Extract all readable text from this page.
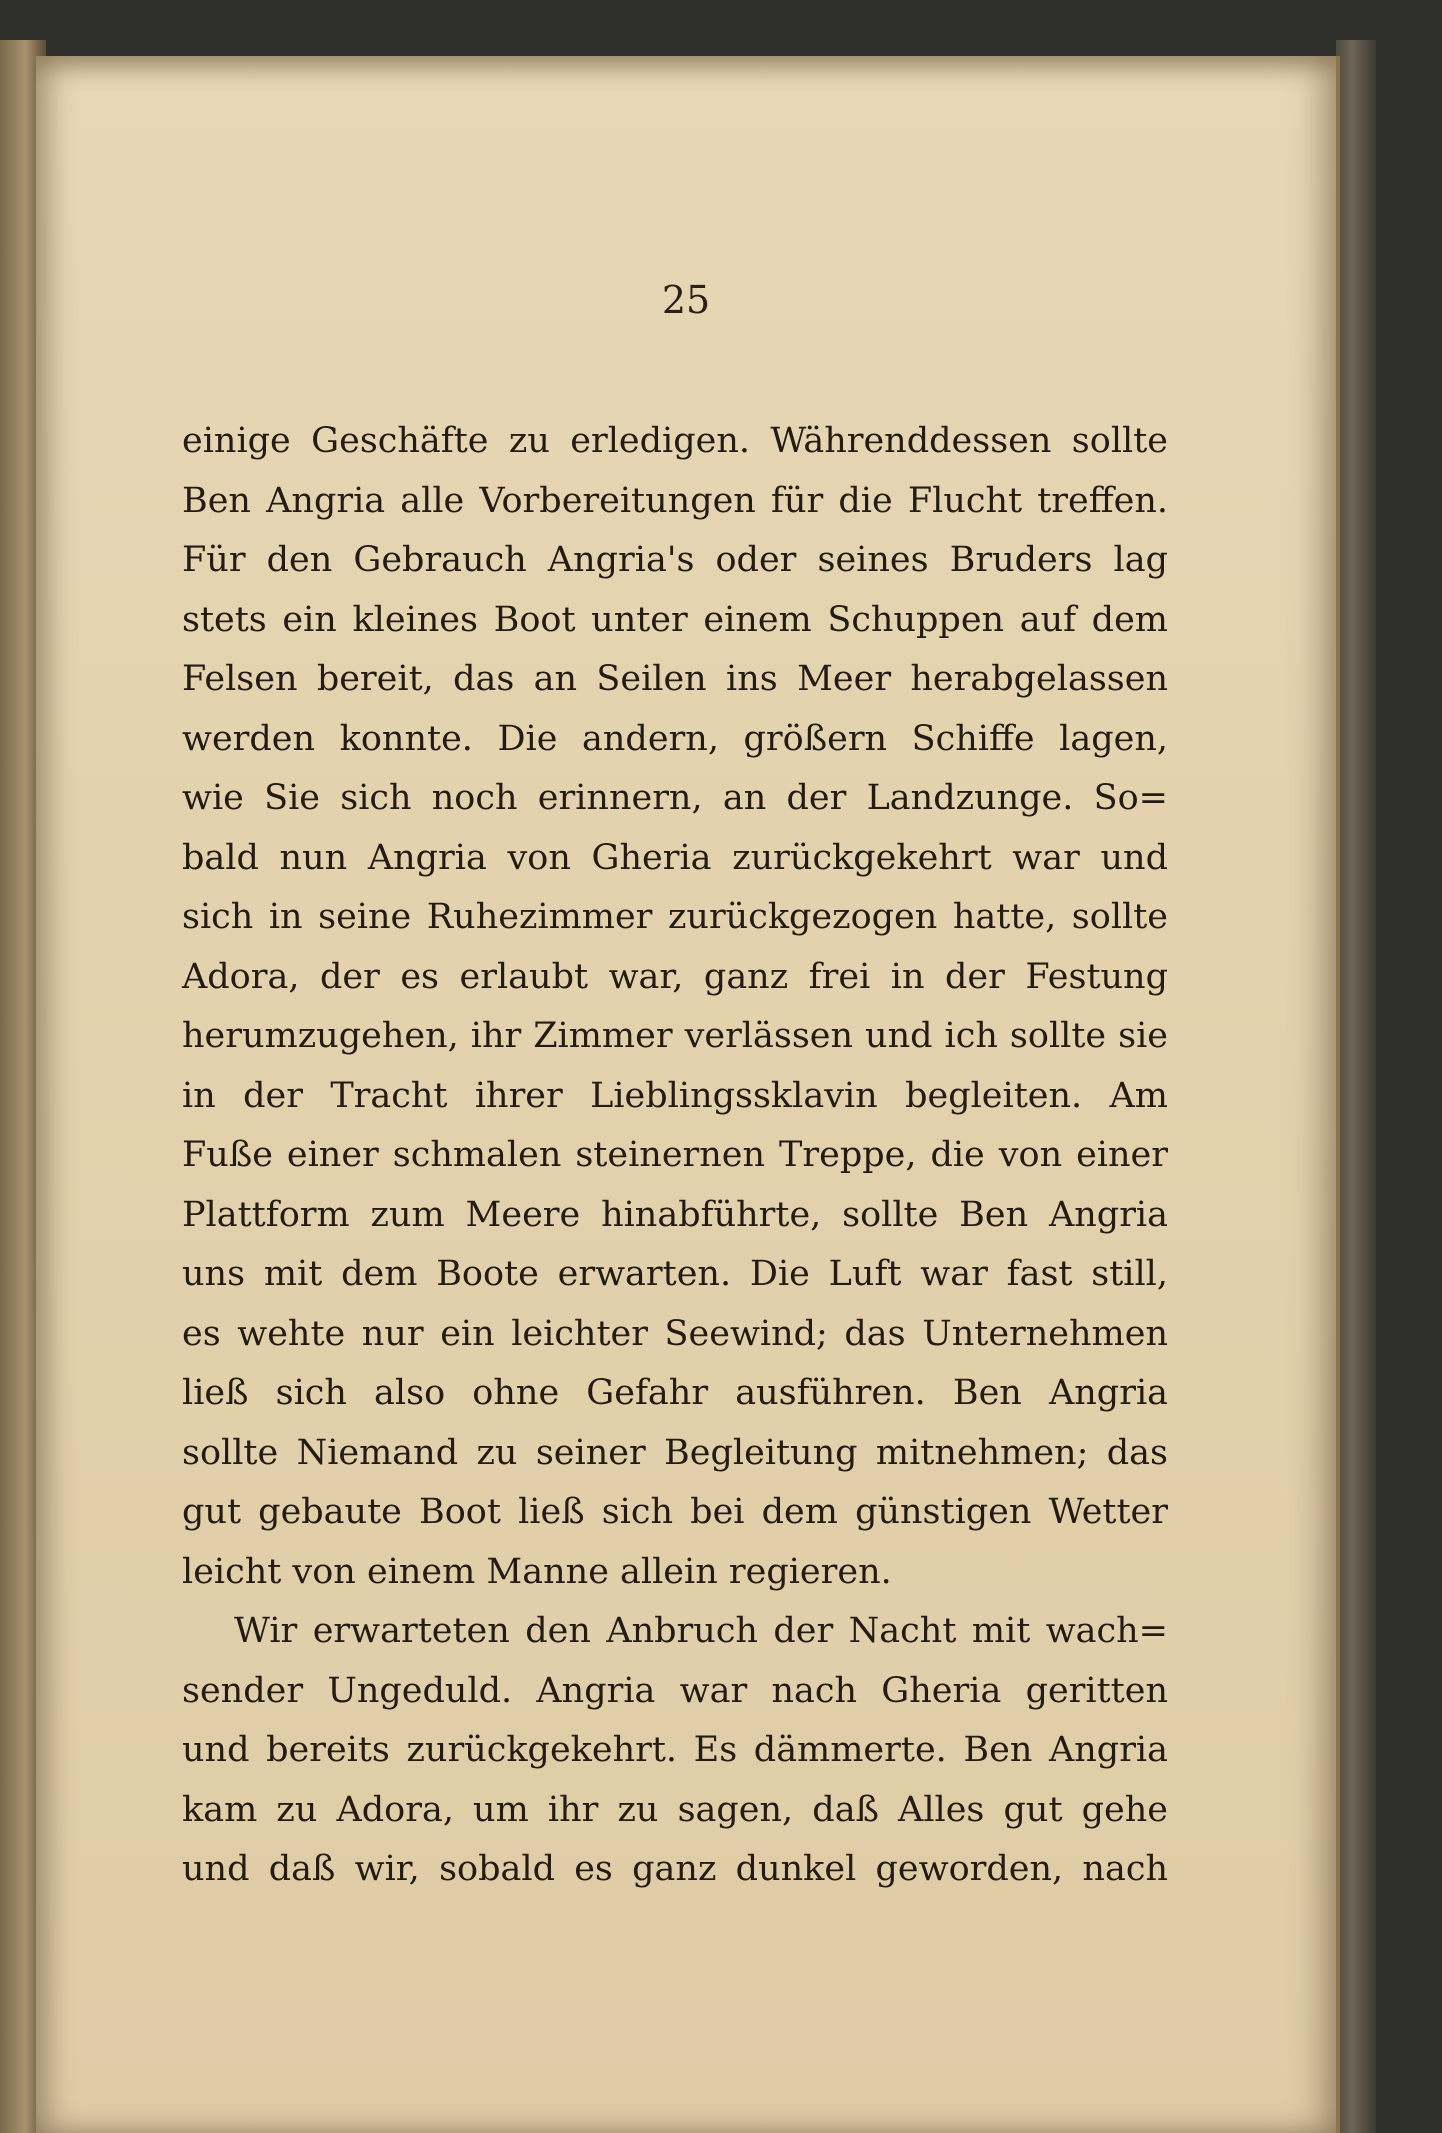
25
einige Geschäfte zu erledigen. Währenddessen sollte
Ben Angria alle Vorbereitungen für die Flucht treffen.
Für den Gebrauch Angria's oder seines Bruders lag
stets ein kleines Boot unter einem Schuppen auf dem
Felsen bereit, das an Seilen ins Meer herabgelassen
werden konnte. Die andern, größern Schiffe lagen,
wie Sie sich noch erinnern, an der Landzunge. So=
bald nun Angria von Gheria zurückgekehrt war und
sich in seine Ruhezimmer zurückgezogen hatte, sollte
Adora, der es erlaubt war, ganz frei in der Festung
herumzugehen, ihr Zimmer verlässen und ich sollte sie
in der Tracht ihrer Lieblingssklavin begleiten. Am
Fuße einer schmalen steinernen Treppe, die von einer
Plattform zum Meere hinabführte, sollte Ben Angria
uns mit dem Boote erwarten. Die Luft war fast still,
es wehte nur ein leichter Seewind; das Unternehmen
ließ sich also ohne Gefahr ausführen. Ben Angria
sollte Niemand zu seiner Begleitung mitnehmen; das
gut gebaute Boot ließ sich bei dem günstigen Wetter
leicht von einem Manne allein regieren.
Wir erwarteten den Anbruch der Nacht mit wach=
sender Ungeduld. Angria war nach Gheria geritten
und bereits zurückgekehrt. Es dämmerte. Ben Angria
kam zu Adora, um ihr zu sagen, daß Alles gut gehe
und daß wir, sobald es ganz dunkel geworden, nach
